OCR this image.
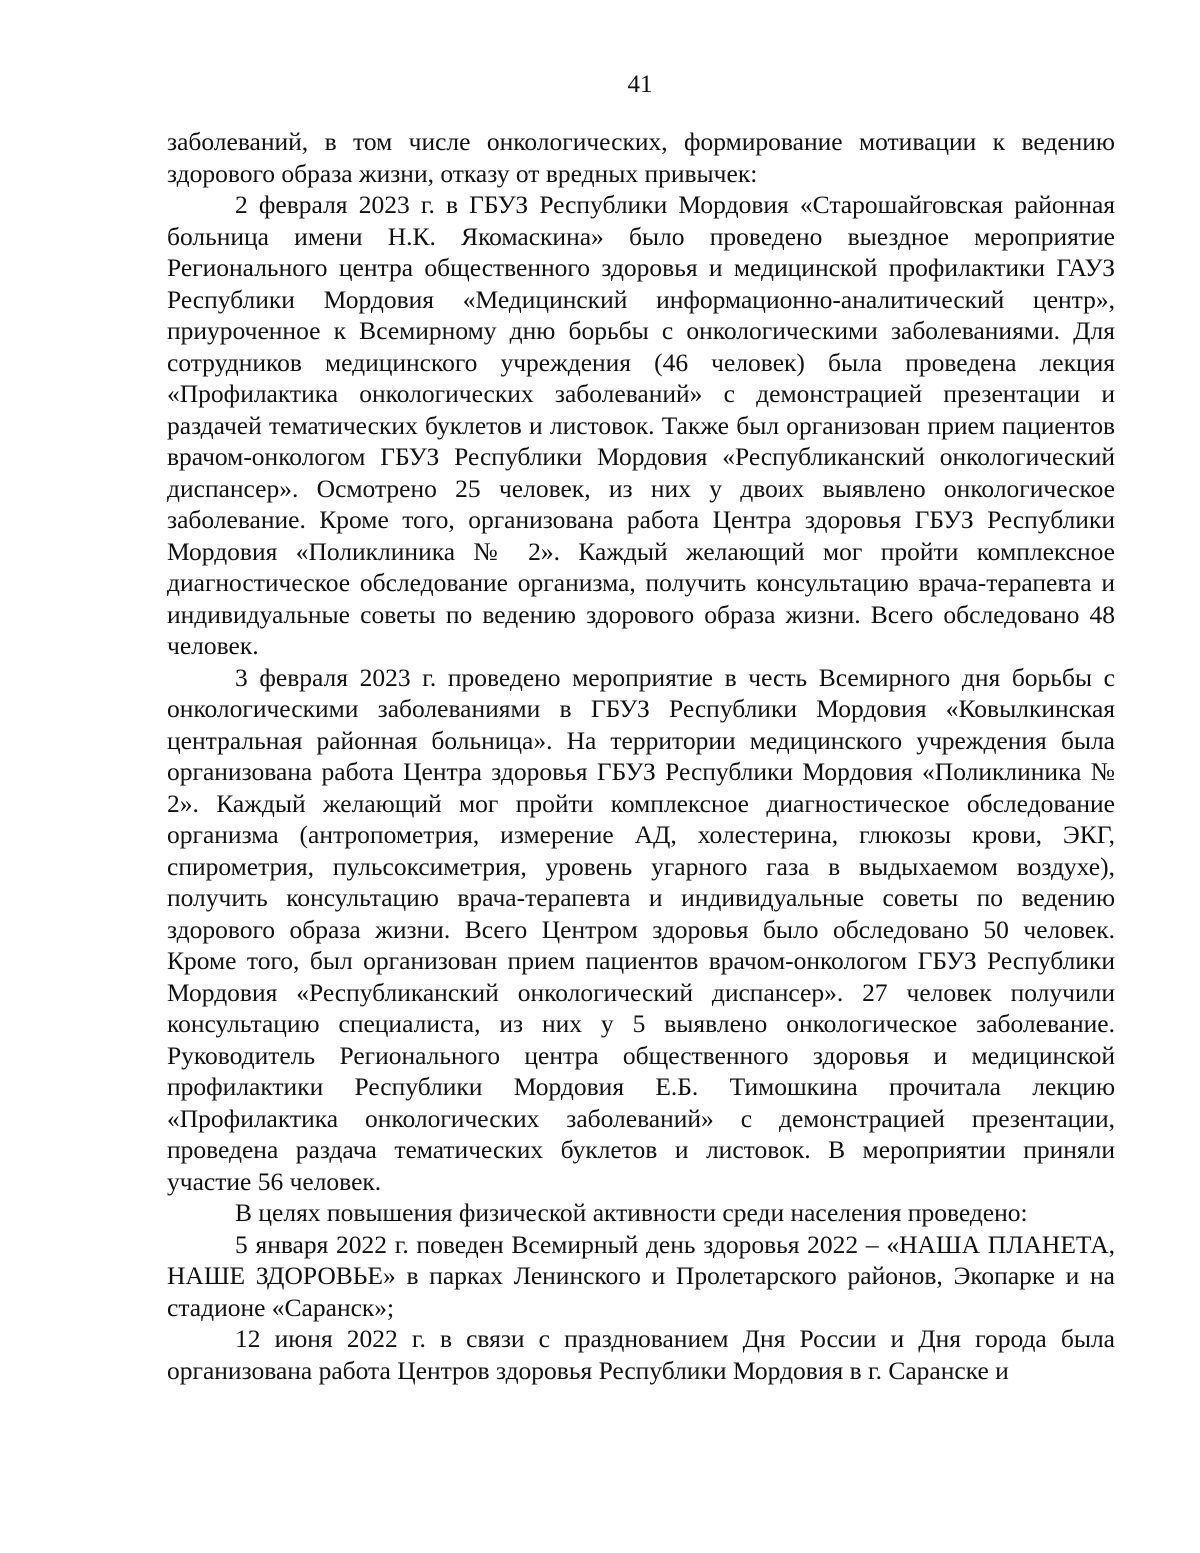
41

заболеваний, в том числе онкологических, формирование мотивации к ведению здорового образа жизни, отказу от вредных привычек:

2 февраля 2023 г. в ГБУЗ Республики Мордовия «Старошайговская районная больница имени Н.К. Якомаскина» было проведено выездное мероприятие Регионального центра общественного здоровья и медицинской профилактики ГАУЗ Республики Мордовия «Медицинский информационно-аналитический центр», приуроченное к Всемирному дню борьбы с онкологическими заболеваниями. Для сотрудников медицинского учреждения (46 человек) была проведена лекция «Профилактика онкологических заболеваний» с демонстрацией презентации и раздачей тематических буклетов и листовок. Также был организован прием пациентов врачом-онкологом ГБУЗ Республики Мордовия «Республиканский онкологический диспансер». Осмотрено 25 человек, из них у двоих выявлено онкологическое заболевание. Кроме того, организована работа Центра здоровья ГБУЗ Республики Мордовия «Поликлиника № 2». Каждый желающий мог пройти комплексное диагностическое обследование организма, получить консультацию врача-терапевта и индивидуальные советы по ведению здорового образа жизни. Всего обследовано 48 человек.

3 февраля 2023 г. проведено мероприятие в честь Всемирного дня борьбы с онкологическими заболеваниями в ГБУЗ Республики Мордовия «Ковылкинская центральная районная больница». На территории медицинского учреждения была организована работа Центра здоровья ГБУЗ Республики Мордовия «Поликлиника № 2». Каждый желающий мог пройти комплексное диагностическое обследование организма (антропометрия, измерение АД, холестерина, глюкозы крови, ЭКГ, спирометрия, пульсоксиметрия, уровень угарного газа в выдыхаемом воздухе), получить консультацию врача-терапевта и индивидуальные советы по ведению здорового образа жизни. Всего Центром здоровья было обследовано 50 человек. Кроме того, был организован прием пациентов врачом-онкологом ГБУЗ Республики Мордовия «Республиканский онкологический диспансер». 27 человек получили консультацию специалиста, из них у 5 выявлено онкологическое заболевание. Руководитель Регионального центра общественного здоровья и медицинской профилактики Республики Мордовия Е.Б. Тимошкина прочитала лекцию «Профилактика онкологических заболеваний» с демонстрацией презентации, проведена раздача тематических буклетов и листовок. В мероприятии приняли участие 56 человек.

В целях повышения физической активности среди населения проведено:

5 января 2022 г. поведен Всемирный день здоровья 2022 – «НАША ПЛАНЕТА, НАШЕ ЗДОРОВЬЕ» в парках Ленинского и Пролетарского районов, Экопарке и на стадионе «Саранск»;

12 июня 2022 г. в связи с празднованием Дня России и Дня города была организована работа Центров здоровья Республики Мордовия в г. Саранске и
